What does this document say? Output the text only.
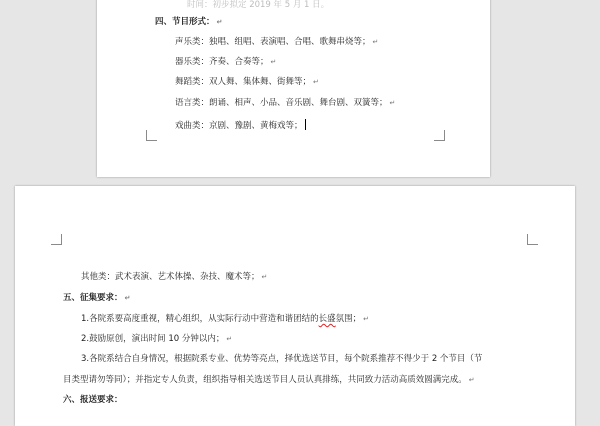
时间：初步拟定 2019 年 5 月 1 日。
四、节目形式： ↵
声乐类：独唱、组唱、表演唱、合唱、歌舞串烧等； ↵
器乐类：齐奏、合奏等； ↵
舞蹈类：双人舞、集体舞、街舞等； ↵
语言类：朗诵、相声、小品、音乐剧、舞台剧、双簧等； ↵
戏曲类：京剧、豫剧、黄梅戏等；
其他类：武术表演、艺术体操、杂技、魔术等； ↵
五、征集要求： ↵
1.各院系要高度重视，精心组织，从实际行动中营造和谐团结的长盛氛围； ↵
2.鼓励原创，演出时间 10 分钟以内； ↵
3.各院系结合自身情况，根据院系专业、优势等亮点，择优选送节目，每个院系推荐不得少于 2 个节目（节
目类型请勿等同）；并指定专人负责，组织指导相关选送节目人员认真排练，共同致力活动高质效圆满完成。 ↵
六、报送要求：
